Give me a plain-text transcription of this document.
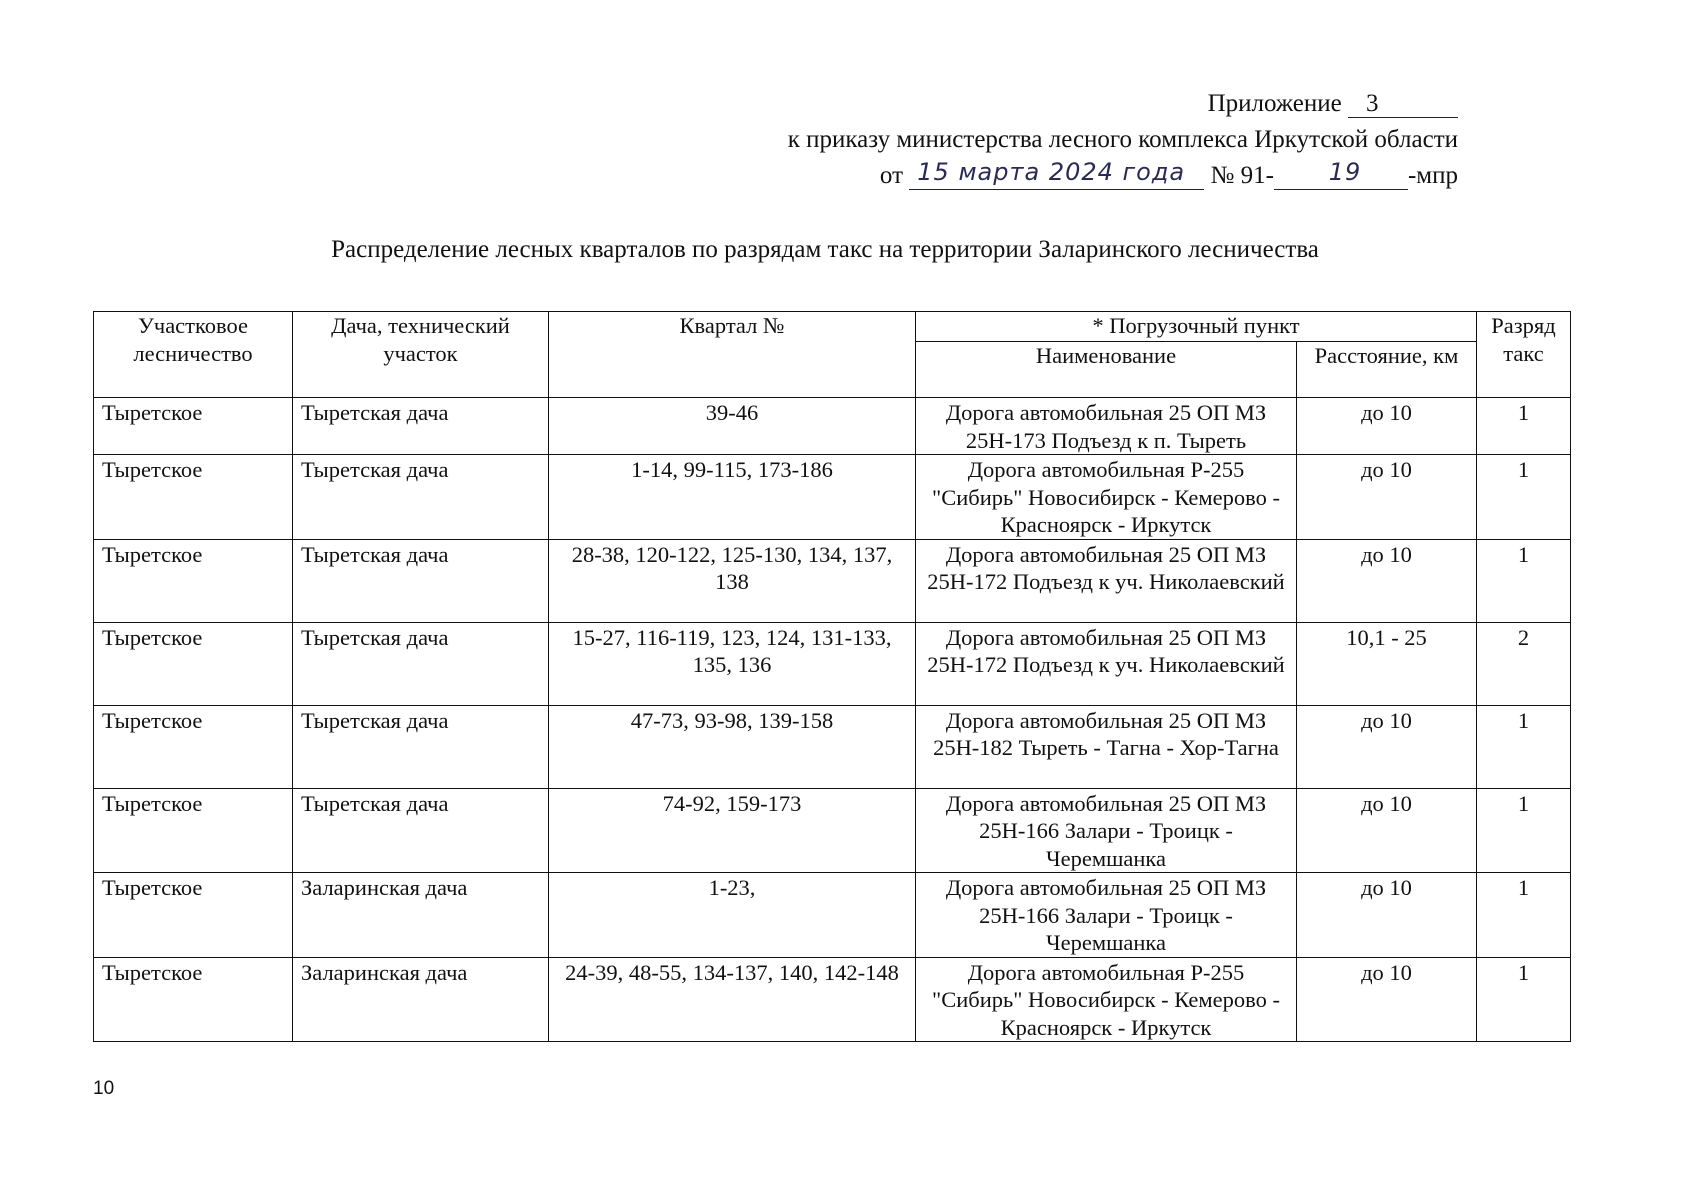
Приложение 3
к приказу министерства лесного комплекса Иркутской области
от 15 марта 2024 года № 91- 19 -мпр
Распределение лесных кварталов по разрядам такс на территории Заларинского лесничества
Участковое лесничество	Дача, технический участок	Квартал №	* Погрузочный пункт		Разряд такс
			Наименование	Расстояние, км	
Тыретское	Тыретская дача	39-46	Дорога автомобильная 25 ОП МЗ 25Н-173 Подъезд к п. Тыреть	до 10	1
Тыретское	Тыретская дача	1-14, 99-115, 173-186	Дорога автомобильная Р-255 "Сибирь" Новосибирск - Кемерово - Красноярск - Иркутск	до 10	1
Тыретское	Тыретская дача	28-38, 120-122, 125-130, 134, 137, 138	Дорога автомобильная 25 ОП МЗ 25Н-172 Подъезд к уч. Николаевский	до 10	1
Тыретское	Тыретская дача	15-27, 116-119, 123, 124, 131-133, 135, 136	Дорога автомобильная 25 ОП МЗ 25Н-172 Подъезд к уч. Николаевский	10,1 - 25	2
Тыретское	Тыретская дача	47-73, 93-98, 139-158	Дорога автомобильная 25 ОП МЗ 25Н-182 Тыреть - Тагна - Хор-Тагна	до 10	1
Тыретское	Тыретская дача	74-92, 159-173	Дорога автомобильная 25 ОП МЗ 25Н-166 Залари - Троицк - Черемшанка	до 10	1
Тыретское	Заларинская дача	1-23,	Дорога автомобильная 25 ОП МЗ 25Н-166 Залари - Троицк - Черемшанка	до 10	1
Тыретское	Заларинская дача	24-39, 48-55, 134-137, 140, 142-148	Дорога автомобильная Р-255 "Сибирь" Новосибирск - Кемерово - Красноярск - Иркутск	до 10	1
10
